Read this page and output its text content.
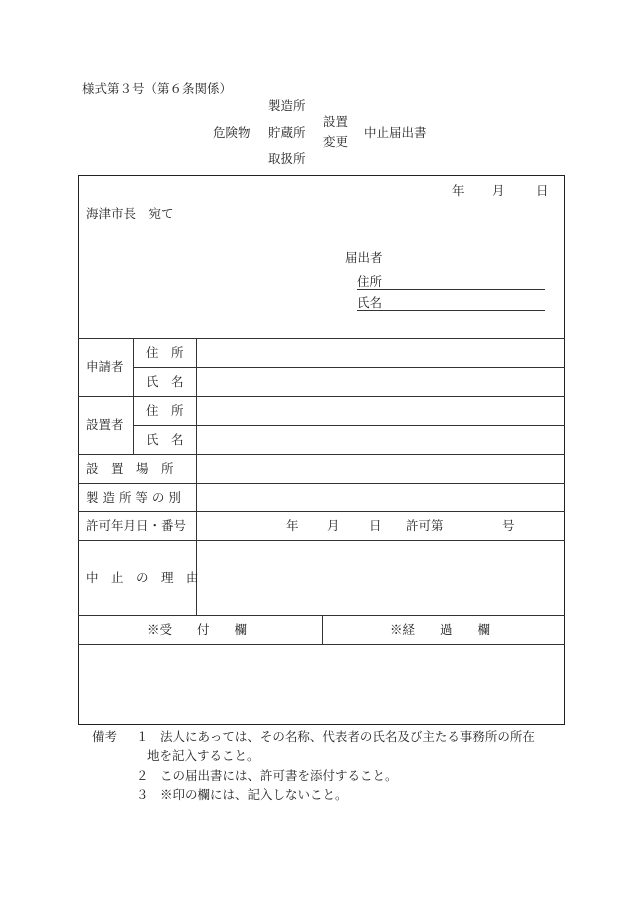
様式第３号（第６条関係）
危険物
製造所
貯蔵所
取扱所
設置
変更
中止届出書
年 月	日
海津市長　宛て
届出者
住所
氏名
申請者
住　所
氏　名
設置者
住　所
氏　名
設　置　場　所
製 造 所 等 の 別
許可年月日・番号	年 月 日 許可第	号
中　止　の　理　由
※受　　付　　欄	※経　　過　　欄
備考 １ 法人にあっては、その名称、代表者の氏名及び主たる事務所の所在
地を記入すること。
２ この届出書には、許可書を添付すること。
３ ※印の欄には、記入しないこと。
